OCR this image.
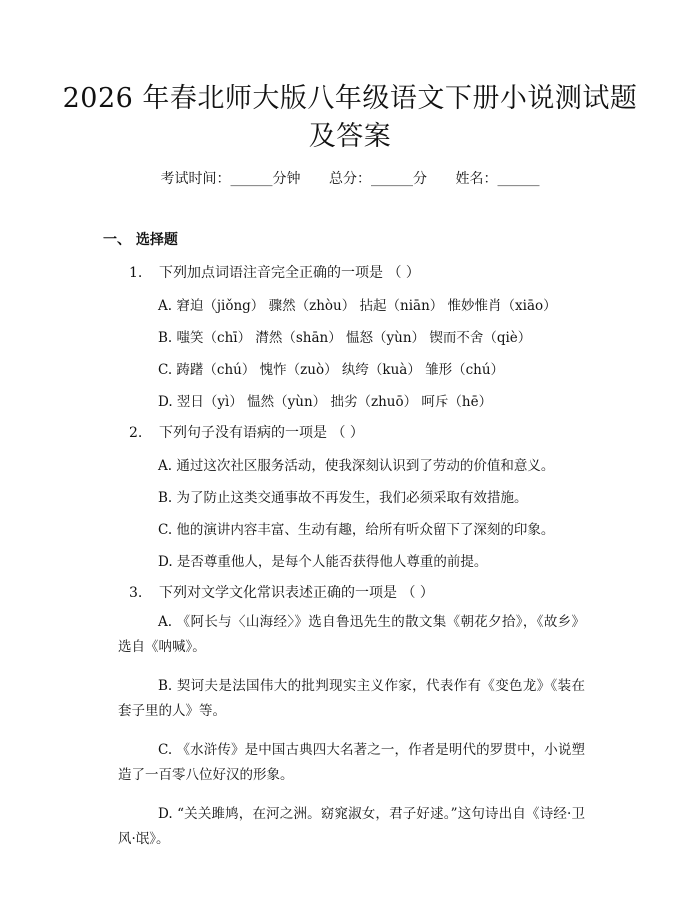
2026 年春北师大版八年级语文下册小说测试题及答案
考试时间：______分钟 总分：______分 姓名：______
一、 选择题
1. 下列加点词语注音完全正确的一项是 （ ）
A. 窘迫（jiǒng） 骤然（zhòu） 拈起（niān） 惟妙惟肖（xiāo）
B. 嗤笑（chī） 潸然（shān） 愠怒（yùn） 锲而不舍（qiè）
C. 踌躇（chú） 愧怍（zuò） 纨绔（kuà） 雏形（chú）
D. 翌日（yì） 愠然（yùn） 拙劣（zhuō） 呵斥（hē）
2. 下列句子没有语病的一项是 （ ）
A. 通过这次社区服务活动，使我深刻认识到了劳动的价值和意义。
B. 为了防止这类交通事故不再发生，我们必须采取有效措施。
C. 他的演讲内容丰富、生动有趣，给所有听众留下了深刻的印象。
D. 是否尊重他人，是每个人能否获得他人尊重的前提。
3. 下列对文学文化常识表述正确的一项是 （ ）
A. 《阿长与〈山海经〉》选自鲁迅先生的散文集《朝花夕拾》，《故乡》选自《呐喊》。
B. 契诃夫是法国伟大的批判现实主义作家，代表作有《变色龙》《装在套子里的人》等。
C. 《水浒传》是中国古典四大名著之一，作者是明代的罗贯中，小说塑造了一百零八位好汉的形象。
D. “关关雎鸠，在河之洲。窈窕淑女，君子好逑。”这句诗出自《诗经·卫风·氓》。
